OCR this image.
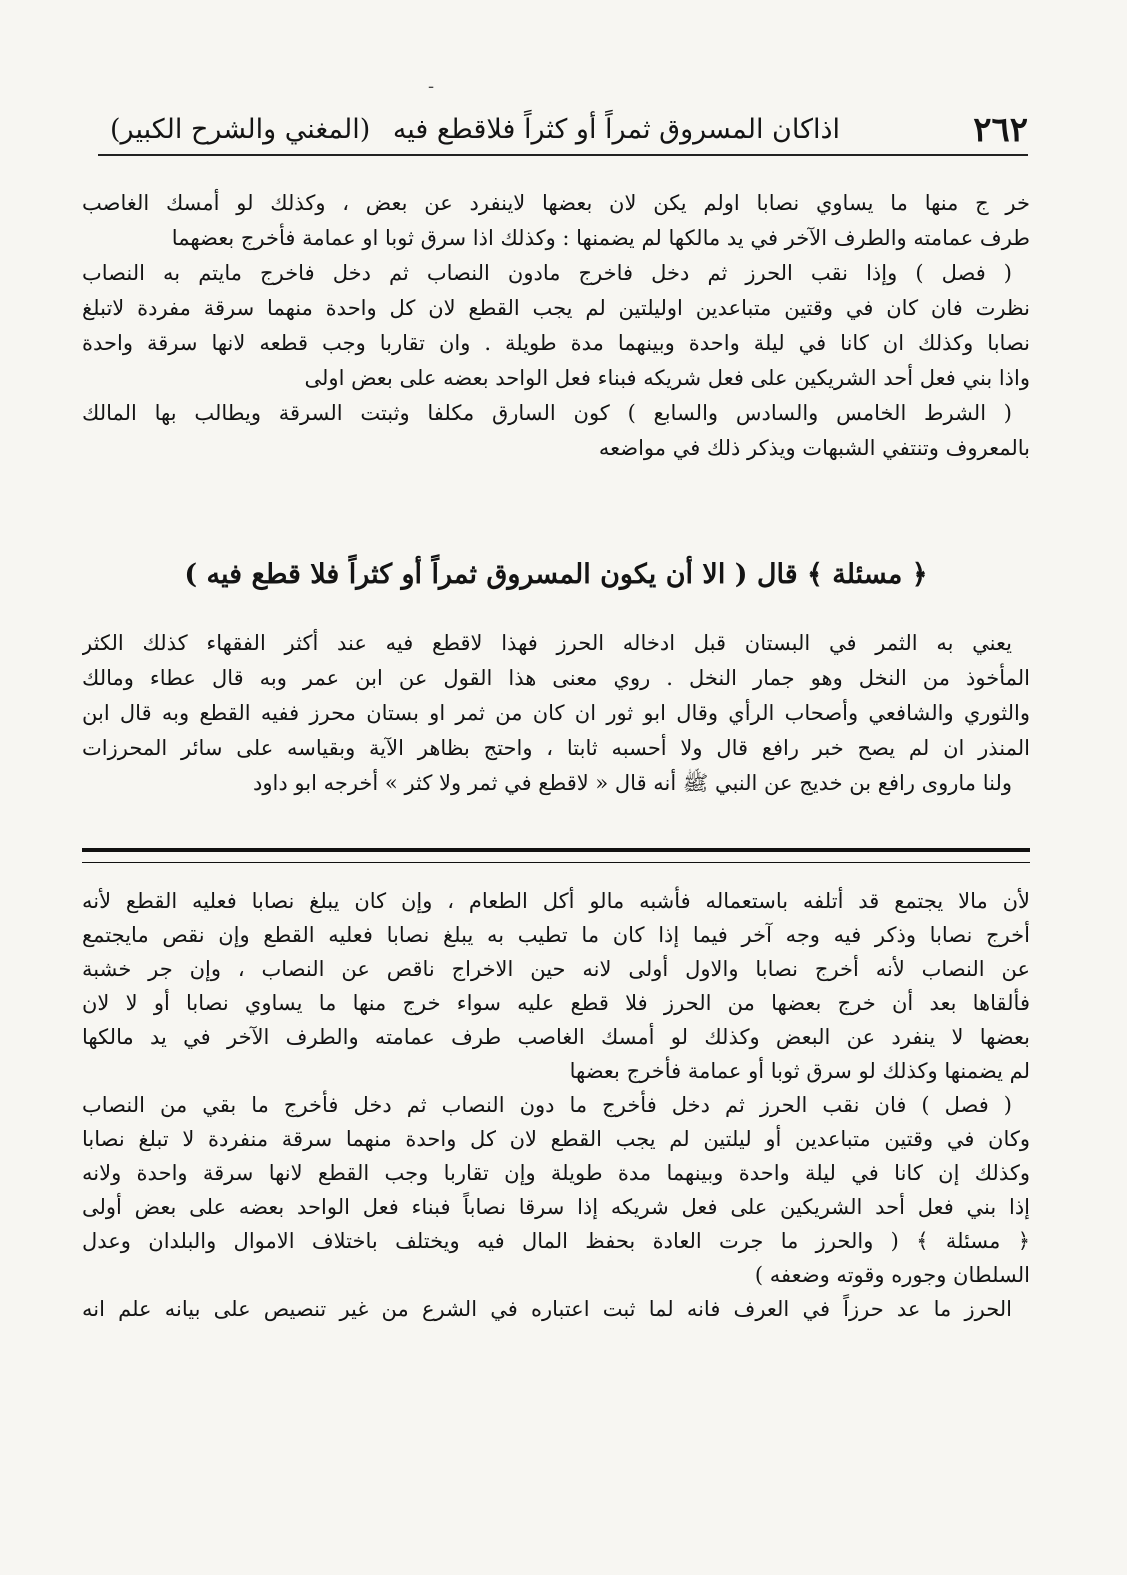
-
٢٦٢
اذاكان المسروق ثمراً أو كثراً فلاقطع فيه
(المغني والشرح الكبير)
خر ج منها ما يساوي نصابا اولم يكن لان بعضها لاينفرد عن بعض ، وكذلك لو أمسك الغاصب
طرف عمامته والطرف الآخر في يد مالكها لم يضمنها : وكذلك اذا سرق ثوبا او عمامة فأخرج بعضهما
( فصل ) وإذا نقب الحرز ثم دخل فاخرج مادون النصاب ثم دخل فاخرج مايتم به النصاب
نظرت فان كان في وقتين متباعدين اوليلتين لم يجب القطع لان كل واحدة منهما سرقة مفردة لاتبلغ
نصابا وكذلك ان كانا في ليلة واحدة وبينهما مدة طويلة . وان تقاربا وجب قطعه لانها سرقة واحدة
واذا بني فعل أحد الشريكين على فعل شريكه فبناء فعل الواحد بعضه على بعض اولى
( الشرط الخامس والسادس والسابع ) كون السارق مكلفا وثبتت السرقة ويطالب بها المالك
بالمعروف وتنتفي الشبهات ويذكر ذلك في مواضعه
﴿ مسئلة ﴾ قال ( الا أن يكون المسروق ثمراً أو كثراً فلا قطع فيه )
يعني به الثمر في البستان قبل ادخاله الحرز فهذا لاقطع فيه عند أكثر الفقهاء كذلك الكثر
المأخوذ من النخل وهو جمار النخل . روي معنى هذا القول عن ابن عمر وبه قال عطاء ومالك
والثوري والشافعي وأصحاب الرأي وقال ابو ثور ان كان من ثمر او بستان محرز ففيه القطع وبه قال ابن
المنذر ان لم يصح خبر رافع قال ولا أحسبه ثابتا ، واحتج بظاهر الآية وبقياسه على سائر المحرزات
ولنا ماروى رافع بن خديج عن النبي ﷺ أنه قال « لاقطع في ثمر ولا كثر » أخرجه ابو داود
لأن مالا يجتمع قد أتلفه باستعماله فأشبه مالو أكل الطعام ، وإن كان يبلغ نصابا فعليه القطع لأنه
أخرج نصابا وذكر فيه وجه آخر فيما إذا كان ما تطيب به يبلغ نصابا فعليه القطع وإن نقص مايجتمع
عن النصاب لأنه أخرج نصابا والاول أولى لانه حين الاخراج ناقص عن النصاب ، وإن جر خشبة
فألقاها بعد أن خرج بعضها من الحرز فلا قطع عليه سواء خرج منها ما يساوي نصابا أو لا لان
بعضها لا ينفرد عن البعض وكذلك لو أمسك الغاصب طرف عمامته والطرف الآخر في يد مالكها
لم يضمنها وكذلك لو سرق ثوبا أو عمامة فأخرج بعضها
( فصل ) فان نقب الحرز ثم دخل فأخرج ما دون النصاب ثم دخل فأخرج ما بقي من النصاب
وكان في وقتين متباعدين أو ليلتين لم يجب القطع لان كل واحدة منهما سرقة منفردة لا تبلغ نصابا
وكذلك إن كانا في ليلة واحدة وبينهما مدة طويلة وإن تقاربا وجب القطع لانها سرقة واحدة ولانه
إذا بني فعل أحد الشريكين على فعل شريكه إذا سرقا نصاباً فبناء فعل الواحد بعضه على بعض أولى
﴿ مسئلة ﴾ ( والحرز ما جرت العادة بحفظ المال فيه ويختلف باختلاف الاموال والبلدان وعدل
السلطان وجوره وقوته وضعفه )
الحرز ما عد حرزاً في العرف فانه لما ثبت اعتباره في الشرع من غير تنصيص على بيانه علم انه
